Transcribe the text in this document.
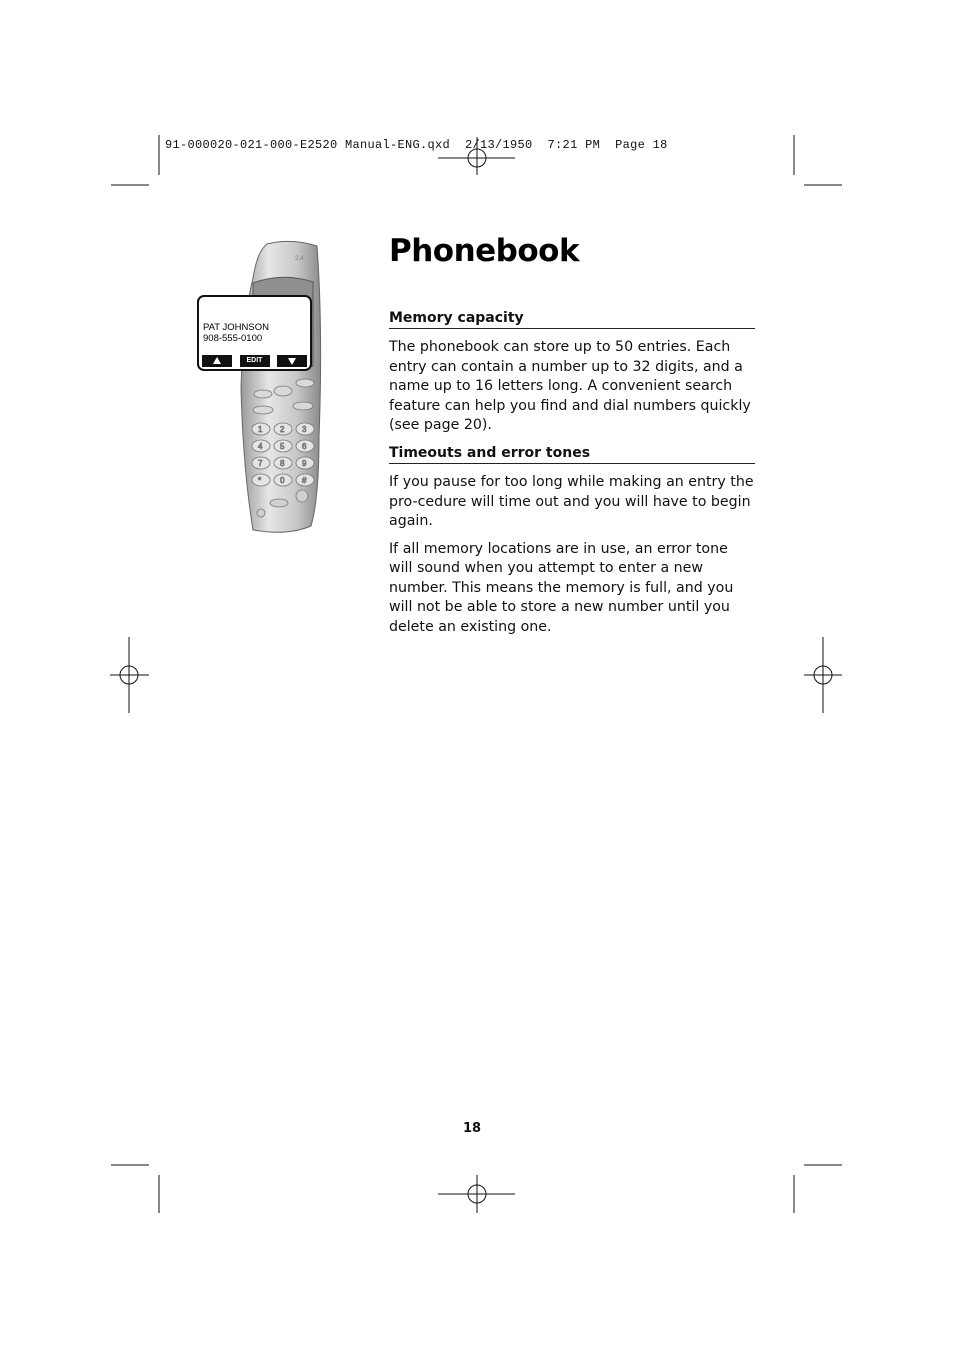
91-000020-021-000-E2520 Manual-ENG.qxd  2/13/1950  7:21 PM  Page 18
2.4
1 2 3
4 5 6
7 8 9
* 0 #
PAT JOHNSON
908-555-0100
EDIT
Phonebook
Memory capacity

The phonebook can store up to 50 entries. Each entry can contain a number up to 32 digits, and a name up to 16 letters long. A convenient search feature can help you find and dial numbers quickly (see page 20).

Timeouts and error tones

If you pause for too long while making an entry the pro-cedure will time out and you will have to begin again.

If all memory locations are in use, an error tone will sound when you attempt to enter a new number. This means the memory is full, and you will not be able to store a new number until you delete an existing one.

18
